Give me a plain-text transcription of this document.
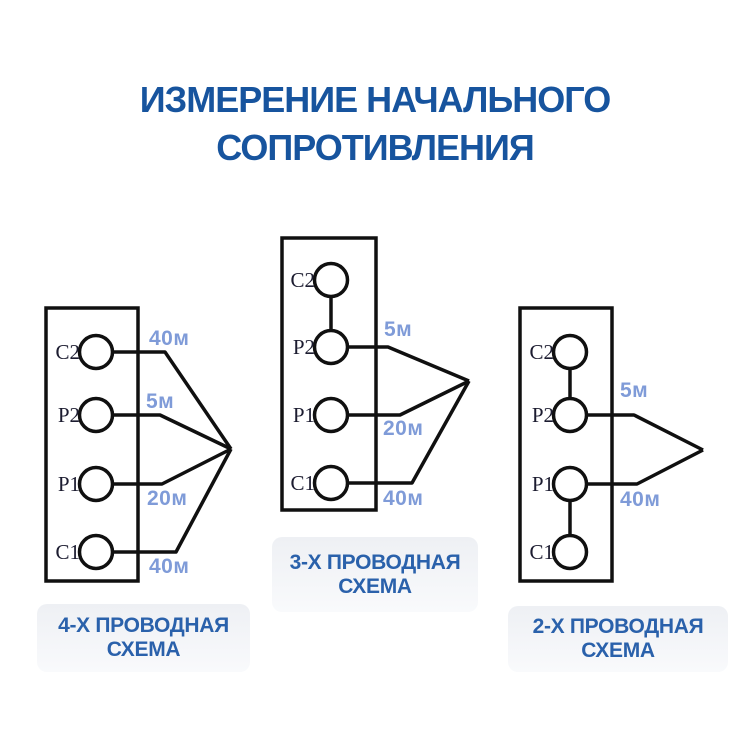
ИЗМЕРЕНИЕ НАЧАЛЬНОГО
СОПРОТИВЛЕНИЯ
C2
P2
P1
C1
40м
5м
20м
40м
C2
P2
P1
C1
5м
20м
40м
C2
P2
P1
C1
5м
40м
4-Х ПРОВОДНАЯ
СХЕМА
3-Х ПРОВОДНАЯ
СХЕМА
2-Х ПРОВОДНАЯ
СХЕМА
